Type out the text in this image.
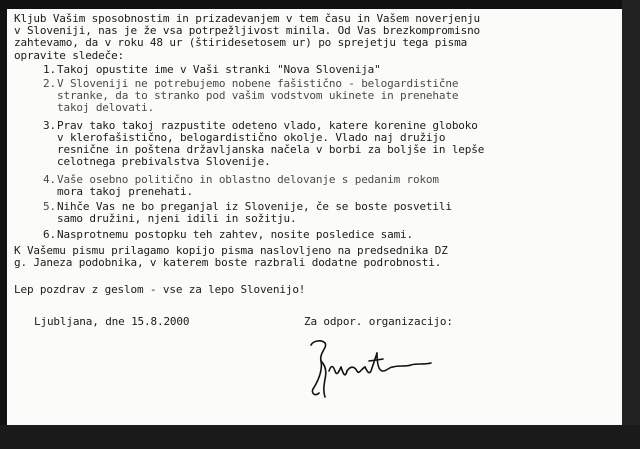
Kljub Vašim sposobnostim in prizadevanjem v tem času in Vašem noverjenju
v Sloveniji, nas je že vsa potrpežljivost minila. Od Vas brezkompromisno
zahtevamo, da v roku 48 ur (štiridesetosem ur) po sprejetju tega pisma
opravite sledeče:
1. Takoj opustite ime v Vaši stranki "Nova Slovenija"
2. V Sloveniji ne potrebujemo nobene fašistično - belogardistične
stranke, da to stranko pod vašim vodstvom ukinete in prenehate
takoj delovati.
3. Prav tako takoj razpustite odeteno vlado, katere korenine globoko
v klerofašistično, belogardistično okolje. Vlado naj družijo
resnične in poštena državljanska načela v borbi za boljše in lepše
celotnega prebivalstva Slovenije.
4. Vaše osebno politično in oblastno delovanje s pedanim rokom
mora takoj prenehati.
5. Nihče Vas ne bo preganjal iz Slovenije, če se boste posvetili
samo družini, njeni idili in sožitju.
6. Nasprotnemu postopku teh zahtev, nosite posledice sami.
K Vašemu pismu prilagamo kopijo pisma naslovljeno na predsednika DZ
g. Janeza podobnika, v katerem boste razbrali dodatne podrobnosti.
Lep pozdrav z geslom - vse za lepo Slovenijo!
Ljubljana, dne 15.8.2000	Za odpor. organizacijo:
